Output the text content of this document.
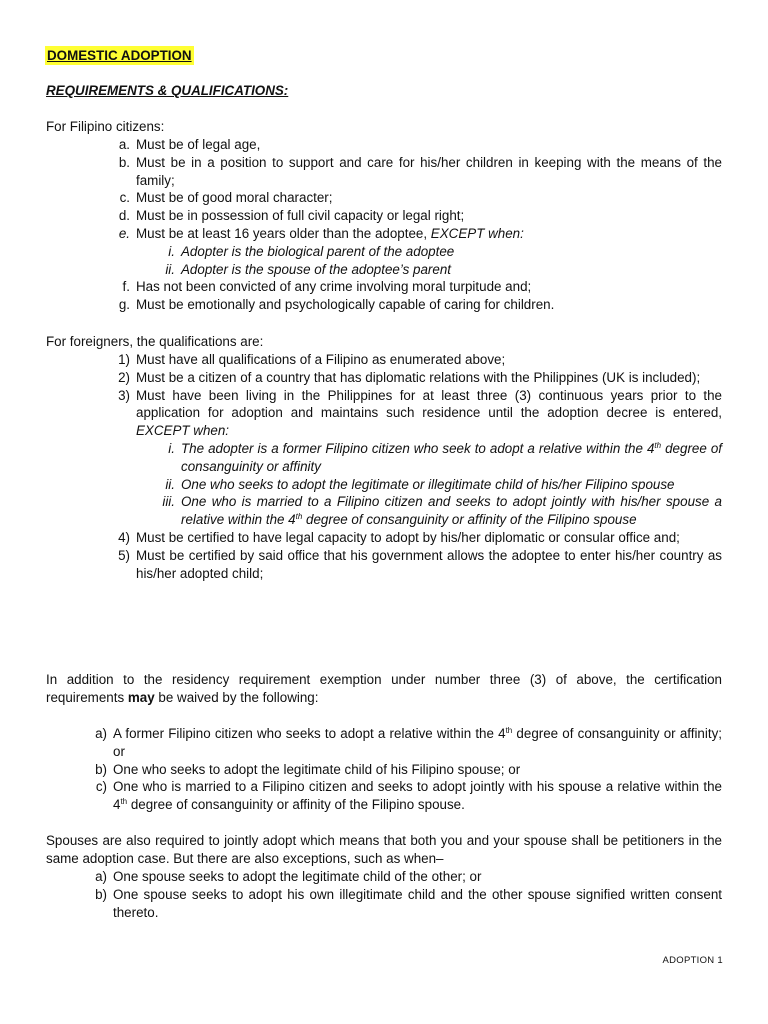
DOMESTIC ADOPTION
REQUIREMENTS & QUALIFICATIONS:
For Filipino citizens:
a. Must be of legal age,
b. Must be in a position to support and care for his/her children in keeping with the means of the family;
c. Must be of good moral character;
d. Must be in possession of full civil capacity or legal right;
e. Must be at least 16 years older than the adoptee, EXCEPT when:
i. Adopter is the biological parent of the adoptee
ii. Adopter is the spouse of the adoptee’s parent
f. Has not been convicted of any crime involving moral turpitude and;
g. Must be emotionally and psychologically capable of caring for children.
For foreigners, the qualifications are:
1) Must have all qualifications of a Filipino as enumerated above;
2) Must be a citizen of a country that has diplomatic relations with the Philippines (UK is included);
3) Must have been living in the Philippines for at least three (3) continuous years prior to the application for adoption and maintains such residence until the adoption decree is entered, EXCEPT when:
i. The adopter is a former Filipino citizen who seek to adopt a relative within the 4th degree of consanguinity or affinity
ii. One who seeks to adopt the legitimate or illegitimate child of his/her Filipino spouse
iii. One who is married to a Filipino citizen and seeks to adopt jointly with his/her spouse a relative within the 4th degree of consanguinity or affinity of the Filipino spouse
4) Must be certified to have legal capacity to adopt by his/her diplomatic or consular office and;
5) Must be certified by said office that his government allows the adoptee to enter his/her country as his/her adopted child;

In addition to the residency requirement exemption under number three (3) of above, the certification requirements may be waived by the following:

a) A former Filipino citizen who seeks to adopt a relative within the 4th degree of consanguinity or affinity; or
b) One who seeks to adopt the legitimate child of his Filipino spouse; or
c) One who is married to a Filipino citizen and seeks to adopt jointly with his spouse a relative within the 4th degree of consanguinity or affinity of the Filipino spouse.

Spouses are also required to jointly adopt which means that both you and your spouse shall be petitioners in the same adoption case. But there are also exceptions, such as when–

a) One spouse seeks to adopt the legitimate child of the other; or
b) One spouse seeks to adopt his own illegitimate child and the other spouse signified written consent thereto.
ADOPTION 1
